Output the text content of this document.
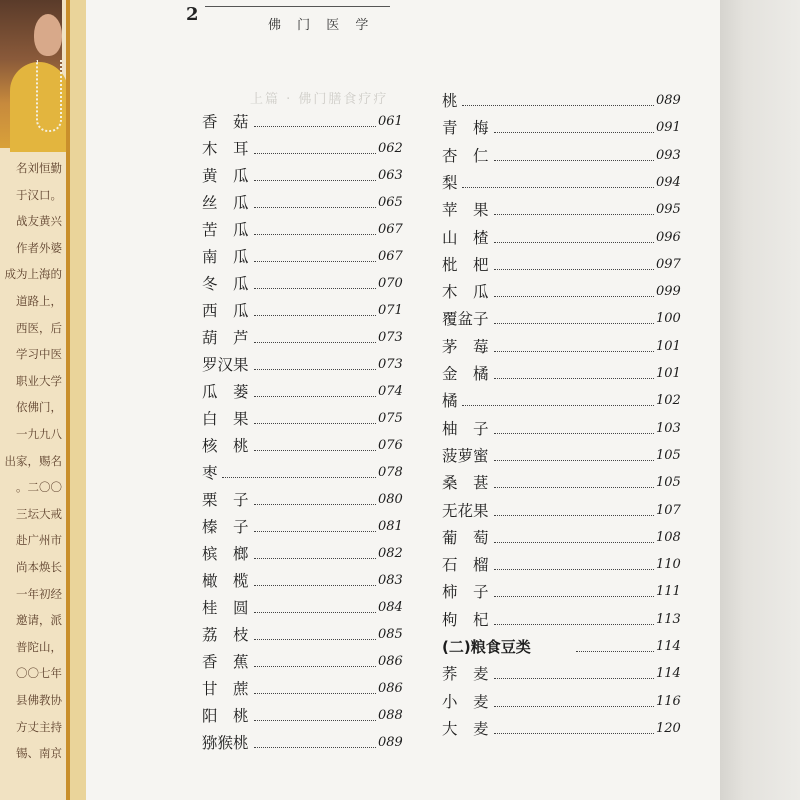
名刘恒勤
于汉口。
战友黄兴
作者外婆
成为上海的
道路上，
西医，后
学习中医
职业大学
依佛门，
一九九八
出家，赐名
。二〇〇
三坛大戒
赴广州市
尚本焕长
一年初经
邀请，派
普陀山，
〇〇七年
县佛教协
方丈主持
锡、南京
2
佛 门 医 学
上篇 · 佛门膳食疗疗
香　菇	061
木　耳	062
黄　瓜	063
丝　瓜	065
苦　瓜	067
南　瓜	067
冬　瓜	070
西　瓜	071
葫　芦	073
罗汉果	073
瓜　蒌	074
白　果	075
核　桃	076
枣	078
栗　子	080
榛　子	081
槟　榔	082
橄　榄	083
桂　圆	084
荔　枝	085
香　蕉	086
甘　蔗	086
阳　桃	088
猕猴桃	089
桃	089
青　梅	091
杏　仁	093
梨	094
苹　果	095
山　楂	096
枇　杷	097
木　瓜	099
覆盆子	100
茅　莓	101
金　橘	101
橘	102
柚　子	103
菠萝蜜	105
桑　葚	105
无花果	107
葡　萄	108
石　榴	110
柿　子	111
枸　杞	113
(二)粮食豆类	114
荞　麦	114
小　麦	116
大　麦	120
